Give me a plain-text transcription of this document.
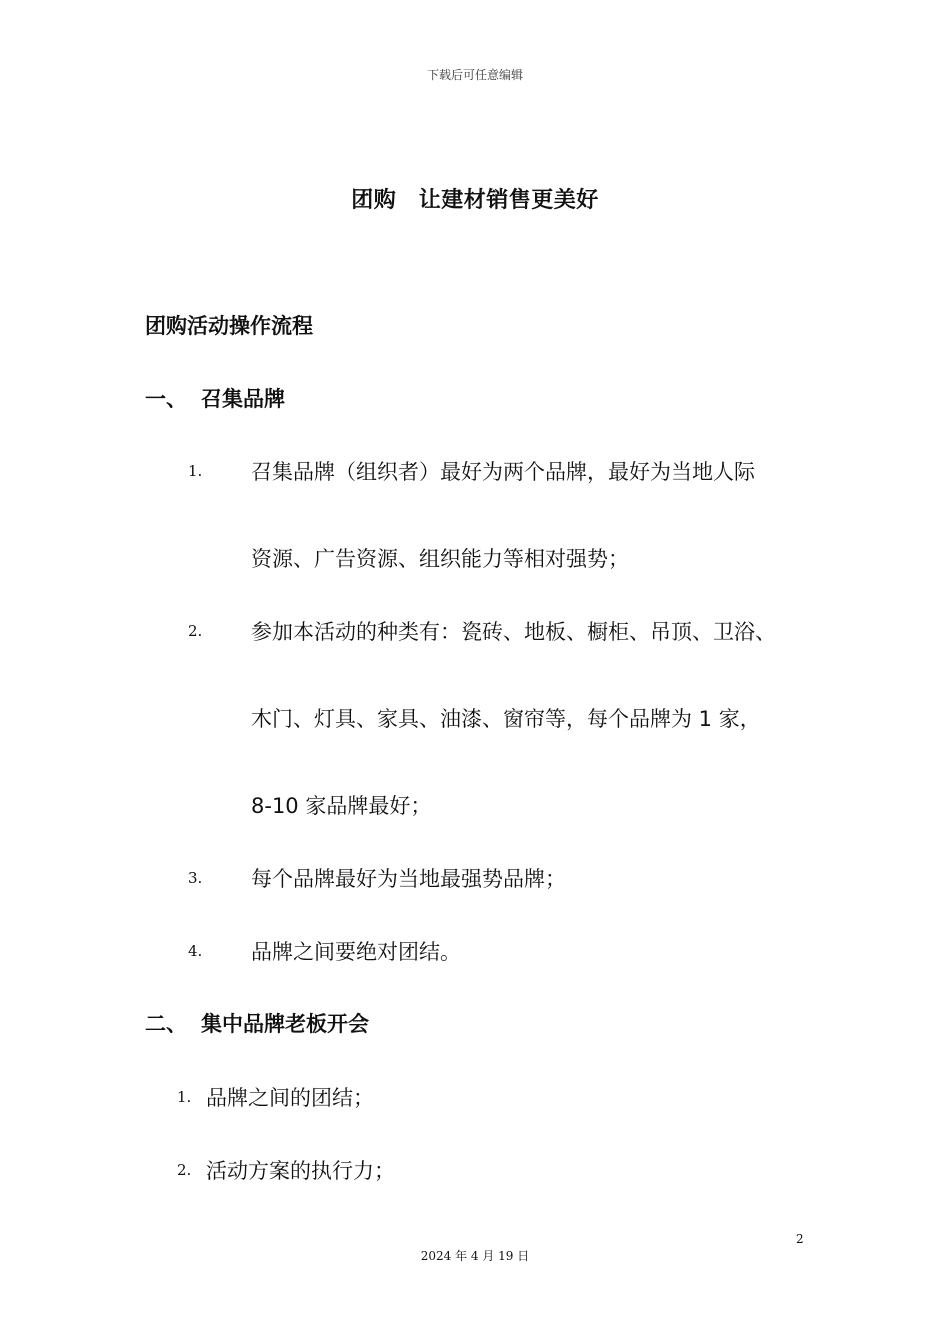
下载后可任意编辑
团购　让建材销售更美好
团购活动操作流程
一、 召集品牌
1. 召集品牌（组织者）最好为两个品牌，最好为当地人际
资源、广告资源、组织能力等相对强势；
2. 参加本活动的种类有：瓷砖、地板、橱柜、吊顶、卫浴、
木门、灯具、家具、油漆、窗帘等，每个品牌为 1 家，
8-10 家品牌最好；
3. 每个品牌最好为当地最强势品牌；
4. 品牌之间要绝对团结。
二、 集中品牌老板开会
1. 品牌之间的团结；
2. 活动方案的执行力；
2
2024 年 4 月 19 日
